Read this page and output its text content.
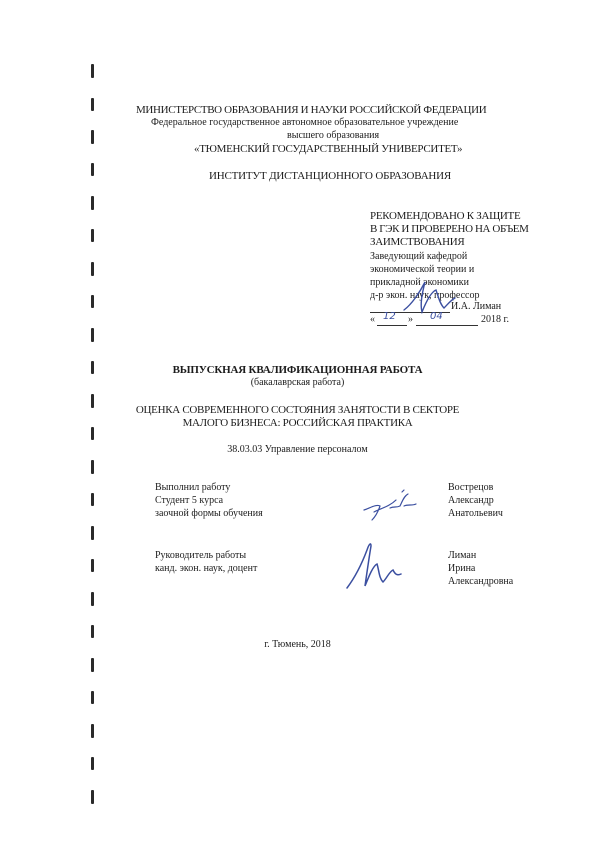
МИНИСТЕРСТВО ОБРАЗОВАНИЯ И НАУКИ РОССИЙСКОЙ ФЕДЕРАЦИИ
Федеральное государственное автономное образовательное учреждение
высшего образования
«ТЮМЕНСКИЙ ГОСУДАРСТВЕННЫЙ УНИВЕРСИТЕТ»
ИНСТИТУТ ДИСТАНЦИОННОГО ОБРАЗОВАНИЯ
РЕКОМЕНДОВАНО К ЗАЩИТЕ
В ГЭК И ПРОВЕРЕНО НА ОБЪЕМ
ЗАИМСТВОВАНИЯ
Заведующий кафедрой
экономической теории и
прикладной экономики
д-р экон. наук, профессор
И.А. Лиман
« 12 » 04	2018 г.
ВЫПУСКНАЯ КВАЛИФИКАЦИОННАЯ РАБОТА
(бакалаврская работа)
ОЦЕНКА СОВРЕМЕННОГО СОСТОЯНИЯ ЗАНЯТОСТИ В СЕКТОРЕ
МАЛОГО БИЗНЕСА: РОССИЙСКАЯ ПРАКТИКА
38.03.03 Управление персоналом
Выполнил работу
Студент 5 курса
заочной формы обучения
Вострецов
Александр
Анатольевич
Руководитель работы
канд. экон. наук, доцент
Лиман
Ирина
Александровна
г. Тюмень, 2018
